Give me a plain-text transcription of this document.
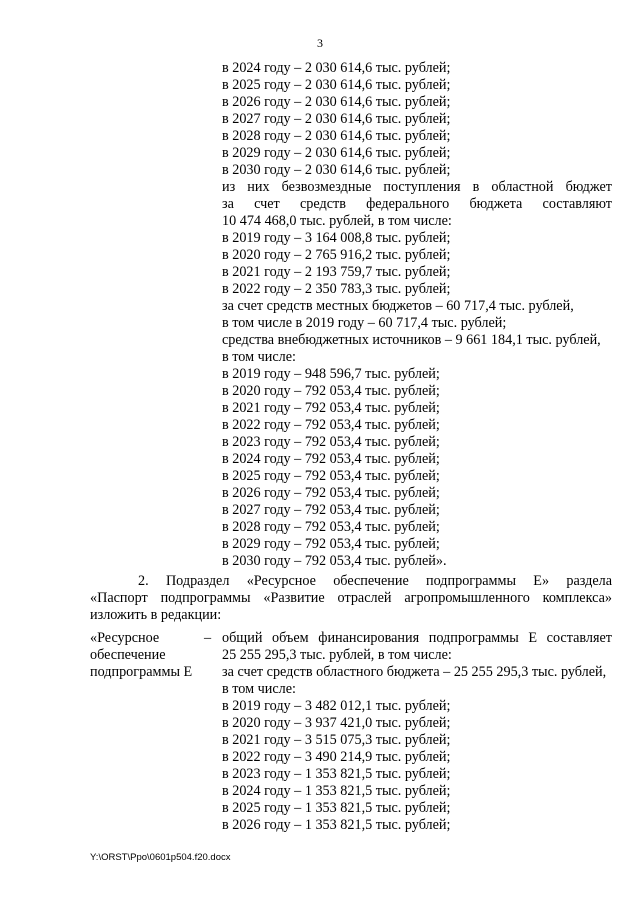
3
в 2024 году – 2 030 614,6 тыс. рублей;
в 2025 году – 2 030 614,6 тыс. рублей;
в 2026 году – 2 030 614,6 тыс. рублей;
в 2027 году – 2 030 614,6 тыс. рублей;
в 2028 году – 2 030 614,6 тыс. рублей;
в 2029 году – 2 030 614,6 тыс. рублей;
в 2030 году – 2 030 614,6 тыс. рублей;
из них безвозмездные поступления в областной бюджет
за счет средств федерального бюджета составляют
10 474 468,0 тыс. рублей, в том числе:
в 2019 году – 3 164 008,8 тыс. рублей;
в 2020 году – 2 765 916,2 тыс. рублей;
в 2021 году – 2 193 759,7 тыс. рублей;
в 2022 году – 2 350 783,3 тыс. рублей;
за счет средств местных бюджетов – 60 717,4 тыс. рублей,
в том числе в 2019 году – 60 717,4 тыс. рублей;
средства внебюджетных источников – 9 661 184,1 тыс. рублей,
в том числе:
в 2019 году – 948 596,7 тыс. рублей;
в 2020 году – 792 053,4 тыс. рублей;
в 2021 году – 792 053,4 тыс. рублей;
в 2022 году – 792 053,4 тыс. рублей;
в 2023 году – 792 053,4 тыс. рублей;
в 2024 году – 792 053,4 тыс. рублей;
в 2025 году – 792 053,4 тыс. рублей;
в 2026 году – 792 053,4 тыс. рублей;
в 2027 году – 792 053,4 тыс. рублей;
в 2028 году – 792 053,4 тыс. рублей;
в 2029 году – 792 053,4 тыс. рублей;
в 2030 году – 792 053,4 тыс. рублей».
2. Подраздел «Ресурсное обеспечение подпрограммы Е» раздела
«Паспорт подпрограммы «Развитие отраслей агропромышленного комплекса»
изложить в редакции:
«Ресурсное
обеспечение
подпрограммы Е
– общий объем финансирования подпрограммы Е составляет
25 255 295,3 тыс. рублей, в том числе:
за счет средств областного бюджета – 25 255 295,3 тыс. рублей,
в том числе:
в 2019 году – 3 482 012,1 тыс. рублей;
в 2020 году – 3 937 421,0 тыс. рублей;
в 2021 году – 3 515 075,3 тыс. рублей;
в 2022 году – 3 490 214,9 тыс. рублей;
в 2023 году – 1 353 821,5 тыс. рублей;
в 2024 году – 1 353 821,5 тыс. рублей;
в 2025 году – 1 353 821,5 тыс. рублей;
в 2026 году – 1 353 821,5 тыс. рублей;
Y:\ORST\Ppo\0601p504.f20.docx
